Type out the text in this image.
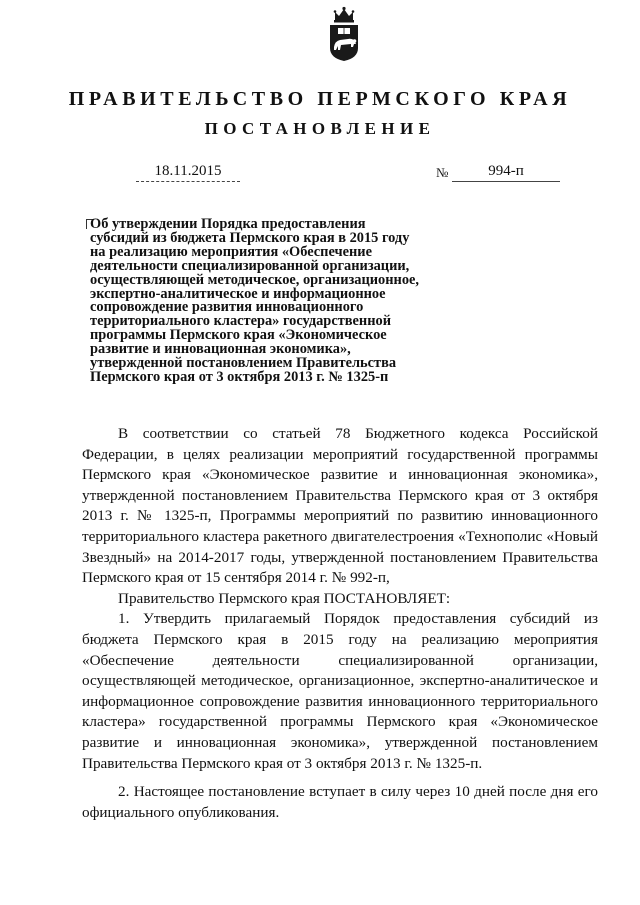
ПРАВИТЕЛЬСТВО ПЕРМСКОГО КРАЯ
ПОСТАНОВЛЕНИЕ
18.11.2015	№	994-п
Об утверждении Порядка предоставления
субсидий из бюджета Пермского края в 2015 году
на реализацию мероприятия «Обеспечение
деятельности специализированной организации,
осуществляющей методическое, организационное,
экспертно-аналитическое и информационное
сопровождение развития инновационного
территориального кластера» государственной
программы Пермского края «Экономическое
развитие и инновационная экономика»,
утвержденной постановлением Правительства
Пермского края от 3 октября 2013 г. № 1325-п

В соответствии со статьей 78 Бюджетного кодекса Российской Федерации, в целях реализации мероприятий государственной программы Пермского края «Экономическое развитие и инновационная экономика», утвержденной постановлением Правительства Пермского края от 3 октября 2013 г. № 1325-п, Программы мероприятий по развитию инновационного территориального кластера ракетного двигателестроения «Технополис «Новый Звездный» на 2014-2017 годы, утвержденной постановлением Правительства Пермского края от 15 сентября 2014 г. № 992-п,

Правительство Пермского края ПОСТАНОВЛЯЕТ:

1. Утвердить прилагаемый Порядок предоставления субсидий из бюджета Пермского края в 2015 году на реализацию мероприятия «Обеспечение деятельности специализированной организации, осуществляющей методическое, организационное, экспертно-аналитическое и информационное сопровождение развития инновационного территориального кластера» государственной программы Пермского края «Экономическое развитие и инновационная экономика», утвержденной постановлением Правительства Пермского края от 3 октября 2013 г. № 1325-п.

2. Настоящее постановление вступает в силу через 10 дней после дня его официального опубликования.
